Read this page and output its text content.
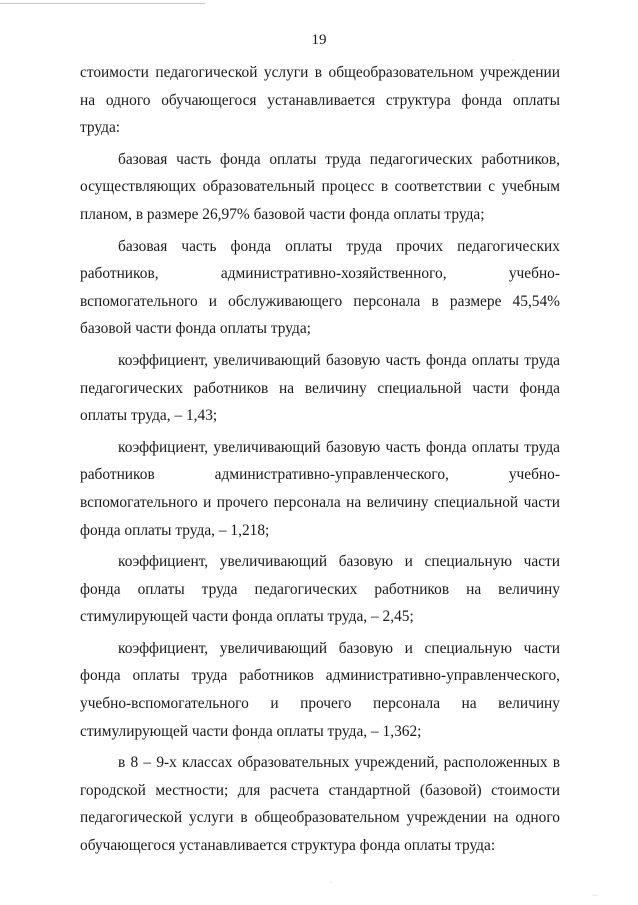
19

стоимости педагогической услуги в общеобразовательном учреждении на одного обучающегося устанавливается структура фонда оплаты труда:

базовая часть фонда оплаты труда педагогических работников, осуществляющих образовательный процесс в соответствии с учебным планом, в размере 26,97% базовой части фонда оплаты труда;

базовая часть фонда оплаты труда прочих педагогических работников, административно-хозяйственного, учебно-вспомогательного и обслуживающего персонала в размере 45,54% базовой части фонда оплаты труда;

коэффициент, увеличивающий базовую часть фонда оплаты труда педагогических работников на величину специальной части фонда оплаты труда, – 1,43;

коэффициент, увеличивающий базовую часть фонда оплаты труда работников административно-управленческого, учебно-вспомогательного и прочего персонала на величину специальной части фонда оплаты труда, – 1,218;

коэффициент, увеличивающий базовую и специальную части фонда оплаты труда педагогических работников на величину стимулирующей части фонда оплаты труда, – 2,45;

коэффициент, увеличивающий базовую и специальную части фонда оплаты труда работников административно-управленческого, учебно-вспомогательного и прочего персонала на величину стимулирующей части фонда оплаты труда, – 1,362;

в 8 – 9-х классах образовательных учреждений, расположенных в городской местности; для расчета стандартной (базовой) стоимости педагогической услуги в общеобразовательном учреждении на одного обучающегося устанавливается структура фонда оплаты труда:

·
·
···
